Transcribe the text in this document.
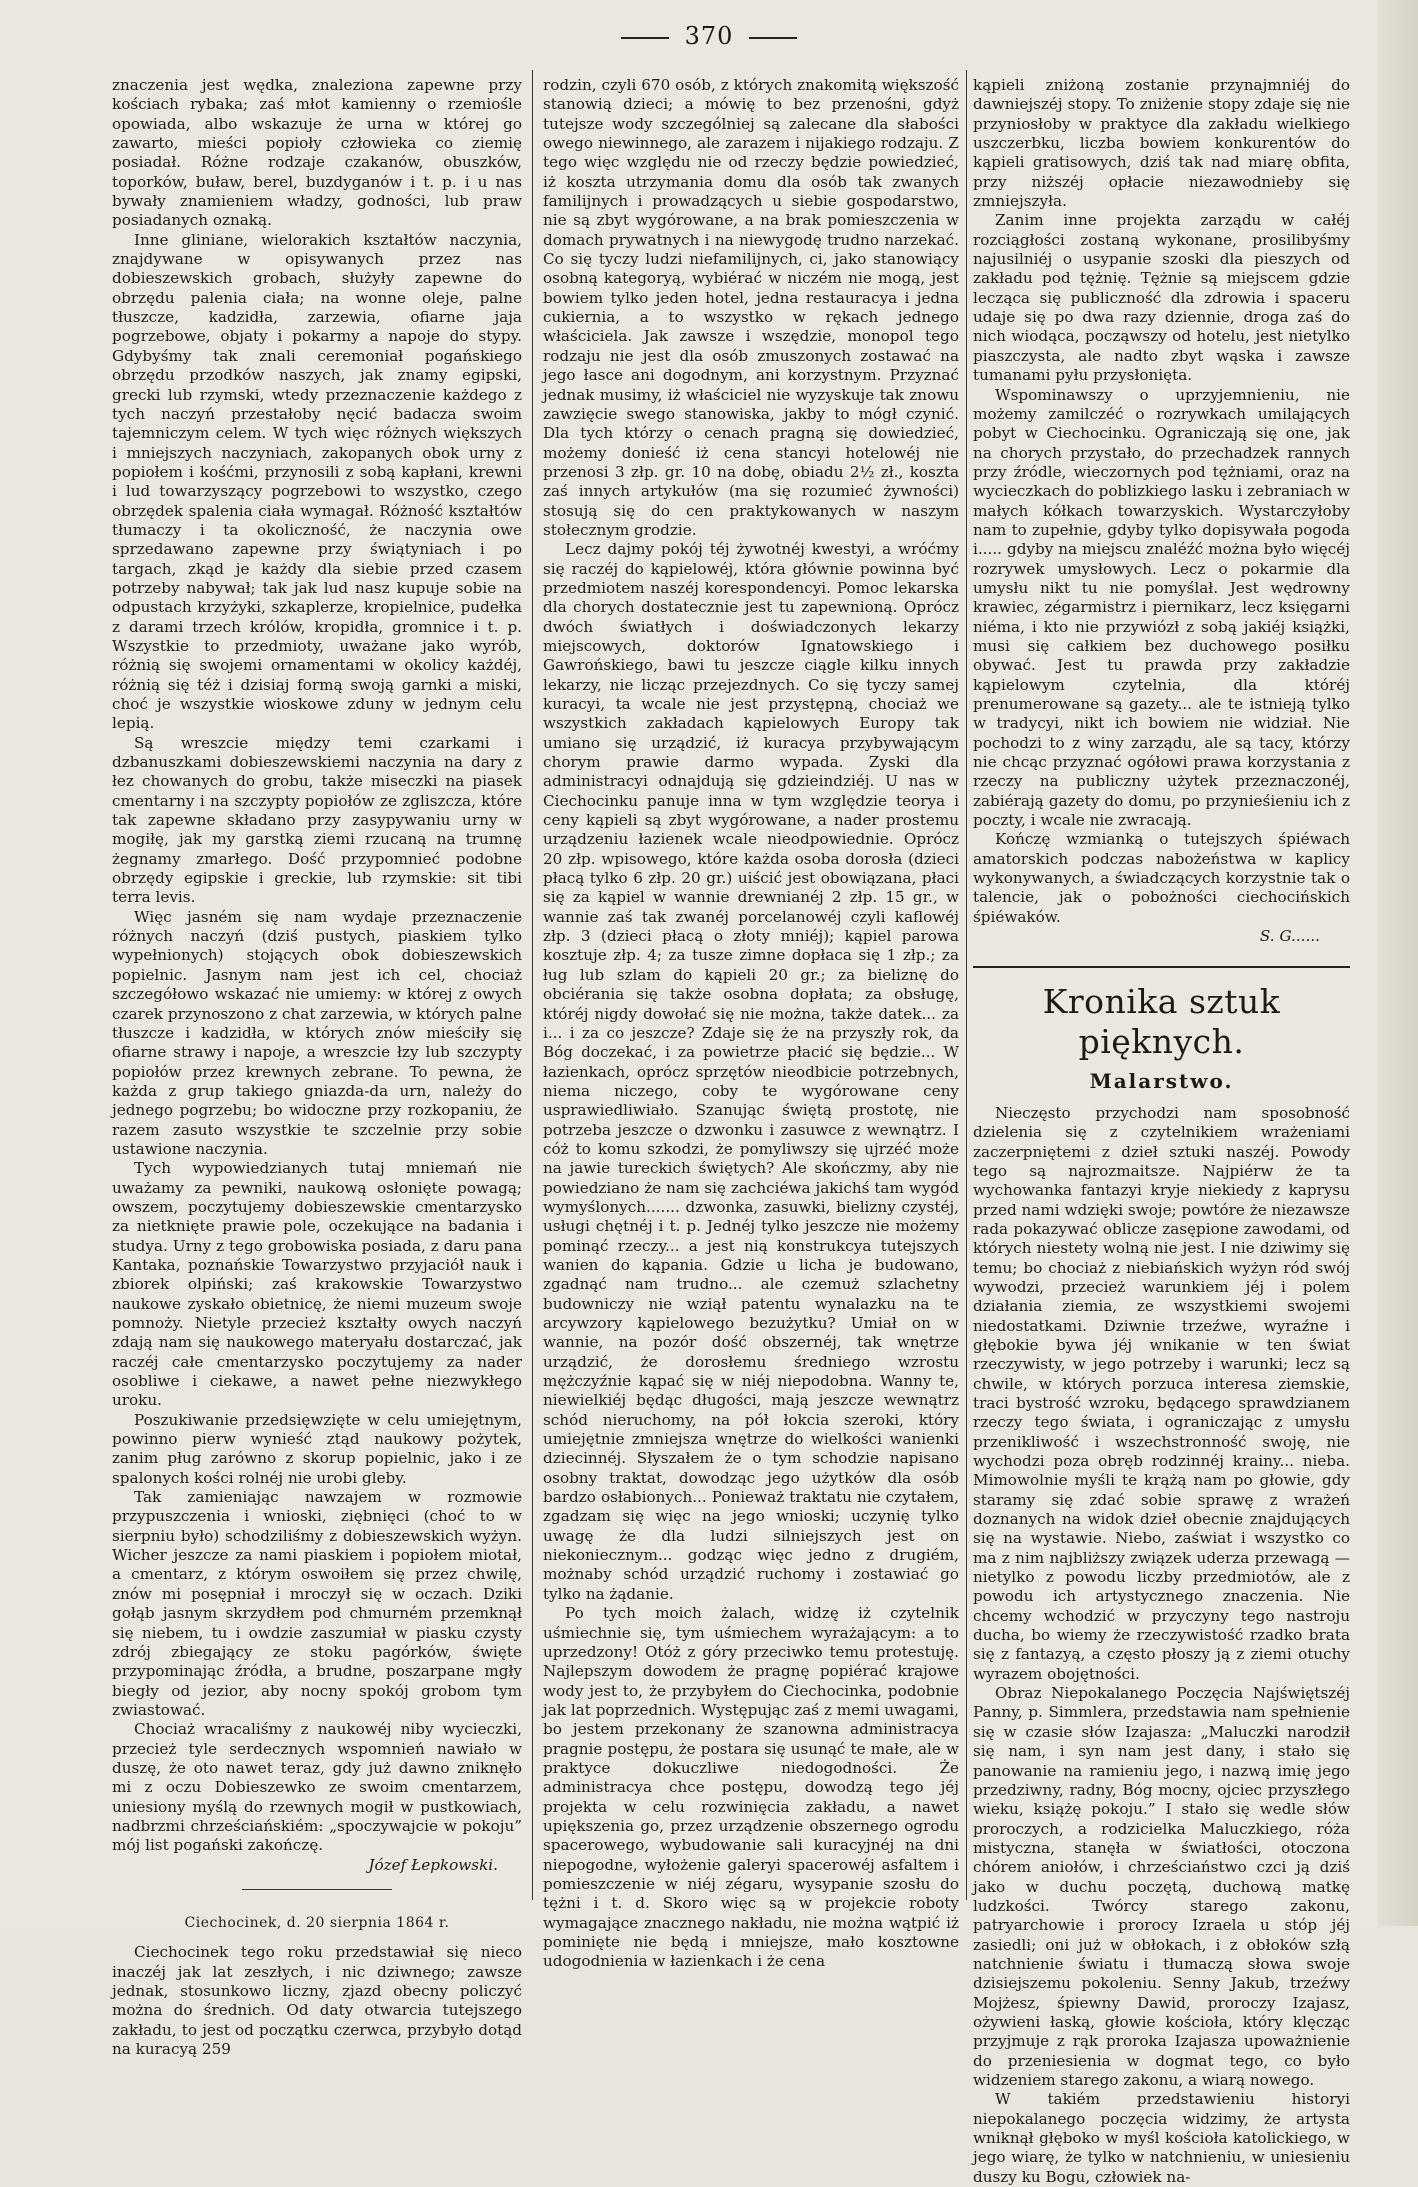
370

znaczenia jest wędka, znaleziona zapewne przy kościach rybaka; zaś młot kamienny o rzemiośle opowiada, albo wskazuje że urna w której go zawarto, mieści popioły człowieka co ziemię posiadał. Różne rodzaje czakanów, obuszków, toporków, buław, berel, buzdyganów i t. p. i u nas bywały znamieniem władzy, godności, lub praw posiadanych oznaką.

Inne gliniane, wielorakich kształtów naczynia, znajdywane w opisywanych przez nas dobieszewskich grobach, służyły zapewne do obrzędu palenia ciała; na wonne oleje, palne tłuszcze, kadzidła, zarzewia, ofiarne jaja pogrzebowe, objaty i pokarmy a napoje do stypy. Gdybyśmy tak znali ceremoniał pogańskiego obrzędu przodków naszych, jak znamy egipski, grecki lub rzymski, wtedy przeznaczenie każdego z tych naczyń przestałoby nęcić badacza swoim tajemniczym celem. W tych więc różnych większych i mniejszych naczyniach, zakopanych obok urny z popiołem i kośćmi, przynosili z sobą kapłani, krewni i lud towarzyszący pogrzebowi to wszystko, czego obrzędek spalenia ciała wymagał. Różność kształtów tłumaczy i ta okoliczność, że naczynia owe sprzedawano zapewne przy świątyniach i po targach, zkąd je każdy dla siebie przed czasem potrzeby nabywał; tak jak lud nasz kupuje sobie na odpustach krzyżyki, szkaplerze, kropielnice, pudełka z darami trzech królów, kropidła, gromnice i t. p. Wszystkie to przedmioty, uważane jako wyrób, różnią się swojemi ornamentami w okolicy każdéj, różnią się téż i dzisiaj formą swoją garnki a miski, choć je wszystkie wioskowe zduny w jednym celu lepią.

Są wreszcie między temi czarkami i dzbanuszkami dobieszewskiemi naczynia na dary z łez chowanych do grobu, także miseczki na piasek cmentarny i na szczypty popiołów ze zgliszcza, które tak zapewne składano przy zasypywaniu urny w mogiłę, jak my garstką ziemi rzucaną na trumnę żegnamy zmarłego. Dość przypomnieć podobne obrzędy egipskie i greckie, lub rzymskie: sit tibi terra levis.

Więc jasném się nam wydaje przeznaczenie różnych naczyń (dziś pustych, piaskiem tylko wypełnionych) stojących obok dobieszewskich popielnic. Jasnym nam jest ich cel, chociaż szczegółowo wskazać nie umiemy: w której z owych czarek przynoszono z chat zarzewia, w których palne tłuszcze i kadzidła, w których znów mieściły się ofiarne strawy i napoje, a wreszcie łzy lub szczypty popiołów przez krewnych zebrane. To pewna, że każda z grup takiego gniazda-da urn, należy do jednego pogrzebu; bo widoczne przy rozkopaniu, że razem zasuto wszystkie te szczelnie przy sobie ustawione naczynia.

Tych wypowiedzianych tutaj mniemań nie uważamy za pewniki, naukową osłonięte powagą; owszem, poczytujemy dobieszewskie cmentarzysko za nietknięte prawie pole, oczekujące na badania i studya. Urny z tego grobowiska posiada, z daru pana Kantaka, poznańskie Towarzystwo przyjaciół nauk i zbiorek olpiński; zaś krakowskie Towarzystwo naukowe zyskało obietnicę, że niemi muzeum swoje pomnoży. Nietyle przecież kształty owych naczyń zdają nam się naukowego materyału dostarczać, jak raczéj całe cmentarzysko poczytujemy za nader osobliwe i ciekawe, a nawet pełne niezwykłego uroku.

Poszukiwanie przedsięwzięte w celu umiejętnym, powinno pierw wynieść ztąd naukowy pożytek, zanim pług zarówno z skorup popielnic, jako i ze spalonych kości rolnéj nie urobi gleby.

Tak zamieniając nawzajem w rozmowie przypuszczenia i wnioski, ziębnięci (choć to w sierpniu było) schodziliśmy z dobieszewskich wyżyn. Wicher jeszcze za nami piaskiem i popiołem miotał, a cmentarz, z którym oswoiłem się przez chwilę, znów mi posępniał i mroczył się w oczach. Dziki gołąb jasnym skrzydłem pod chmurném przemknął się niebem, tu i owdzie zaszumiał w piasku czysty zdrój zbiegający ze stoku pagórków, święte przypominając źródła, a brudne, poszarpane mgły biegły od jezior, aby nocny spokój grobom tym zwiastować.

Chociaż wracaliśmy z naukowéj niby wycieczki, przecież tyle serdecznych wspomnień nawiało w duszę, że oto nawet teraz, gdy już dawno zniknęło mi z oczu Dobieszewko ze swoim cmentarzem, uniesiony myślą do rzewnych mogił w pustkowiach, nadbrzmi chrześciańskiém: „spoczywajcie w pokoju” mój list pogański zakończę.

Józef Łepkowski.

Ciechocinek, d. 20 sierpnia 1864 r.

Ciechocinek tego roku przedstawiał się nieco inaczéj jak lat zeszłych, i nic dziwnego; zawsze jednak, stosunkowo liczny, zjazd obecny policzyć można do średnich. Od daty otwarcia tutejszego zakładu, to jest od początku czerwca, przybyło dotąd na kuracyą 259

rodzin, czyli 670 osób, z których znakomitą większość stanowią dzieci; a mówię to bez przenośni, gdyż tutejsze wody szczególniej są zalecane dla słabości owego niewinnego, ale zarazem i nijakiego rodzaju. Z tego więc względu nie od rzeczy będzie powiedzieć, iż koszta utrzymania domu dla osób tak zwanych familijnych i prowadzących u siebie gospodarstwo, nie są zbyt wygórowane, a na brak pomieszczenia w domach prywatnych i na niewygodę trudno narzekać. Co się tyczy ludzi niefamilijnych, ci, jako stanowiący osobną kategoryą, wybiérać w niczém nie mogą, jest bowiem tylko jeden hotel, jedna restauracya i jedna cukiernia, a to wszystko w rękach jednego właściciela. Jak zawsze i wszędzie, monopol tego rodzaju nie jest dla osób zmuszonych zostawać na jego łasce ani dogodnym, ani korzystnym. Przyznać jednak musimy, iż właściciel nie wyzyskuje tak znowu zawzięcie swego stanowiska, jakby to mógł czynić. Dla tych którzy o cenach pragną się dowiedzieć, możemy donieść iż cena stancyi hotelowéj nie przenosi 3 złp. gr. 10 na dobę, obiadu 2½ zł., koszta zaś innych artykułów (ma się rozumieć żywności) stosują się do cen praktykowanych w naszym stołecznym grodzie.

Lecz dajmy pokój téj żywotnéj kwestyi, a wróćmy się raczéj do kąpielowéj, która głównie powinna być przedmiotem naszéj korespondencyi. Pomoc lekarska dla chorych dostatecznie jest tu zapewnioną. Oprócz dwóch światłych i doświadczonych lekarzy miejscowych, doktorów Ignatowskiego i Gawrońskiego, bawi tu jeszcze ciągle kilku innych lekarzy, nie licząc przejezdnych. Co się tyczy samej kuracyi, ta wcale nie jest przystępną, chociaż we wszystkich zakładach kąpielowych Europy tak umiano się urządzić, iż kuracya przybywającym chorym prawie darmo wypada. Zyski dla administracyi odnajdują się gdzieindziéj. U nas w Ciechocinku panuje inna w tym względzie teorya i ceny kąpieli są zbyt wygórowane, a nader prostemu urządzeniu łazienek wcale nieodpowiednie. Oprócz 20 złp. wpisowego, które każda osoba dorosła (dzieci płacą tylko 6 złp. 20 gr.) uiścić jest obowiązana, płaci się za kąpiel w wannie drewnianéj 2 złp. 15 gr., w wannie zaś tak zwanéj porcelanowéj czyli kaflowéj złp. 3 (dzieci płacą o złoty mniéj); kąpiel parowa kosztuje złp. 4; za tusze zimne dopłaca się 1 złp.; za ług lub szlam do kąpieli 20 gr.; za bieliznę do obciérania się także osobna dopłata; za obsługę, któréj nigdy dowołać się nie można, także datek... za i... i za co jeszcze? Zdaje się że na przyszły rok, da Bóg doczekać, i za powietrze płacić się będzie... W łazienkach, oprócz sprzętów nieodbicie potrzebnych, niema niczego, coby te wygórowane ceny usprawiedliwiało. Szanując świętą prostotę, nie potrzeba jeszcze o dzwonku i zasuwce z wewnątrz. I cóż to komu szkodzi, że pomyliwszy się ujrzéć może na jawie tureckich świętych? Ale skończmy, aby nie powiedziano że nam się zachciéwa jakichś tam wygód wymyślonych....... dzwonka, zasuwki, bielizny czystéj, usługi chętnéj i t. p. Jednéj tylko jeszcze nie możemy pominąć rzeczy... a jest nią konstrukcya tutejszych wanien do kąpania. Gdzie u licha je budowano, zgadnąć nam trudno... ale czemuż szlachetny budowniczy nie wziął patentu wynalazku na te arcywzory kąpielowego bezużytku? Umiał on w wannie, na pozór dość obszernéj, tak wnętrze urządzić, że dorosłemu średniego wzrostu mężczyźnie kąpać się w niéj niepodobna. Wanny te, niewielkiéj będąc długości, mają jeszcze wewnątrz schód nieruchomy, na pół łokcia szeroki, który umiejętnie zmniejsza wnętrze do wielkości wanienki dziecinnéj. Słyszałem że o tym schodzie napisano osobny traktat, dowodząc jego użytków dla osób bardzo osłabionych... Ponieważ traktatu nie czytałem, zgadzam się więc na jego wnioski; uczynię tylko uwagę że dla ludzi silniejszych jest on niekoniecznym... godząc więc jedno z drugiém, możnaby schód urządzić ruchomy i zostawiać go tylko na żądanie.

Po tych moich żalach, widzę iż czytelnik uśmiechnie się, tym uśmiechem wyrażającym: a to uprzedzony! Otóż z góry przeciwko temu protestuję. Najlepszym dowodem że pragnę popiérać krajowe wody jest to, że przybyłem do Ciechocinka, podobnie jak lat poprzednich. Występując zaś z memi uwagami, bo jestem przekonany że szanowna administracya pragnie postępu, że postara się usunąć te małe, ale w praktyce dokuczliwe niedogodności. Że administracya chce postępu, dowodzą tego jéj projekta w celu rozwinięcia zakładu, a nawet upiększenia go, przez urządzenie obszernego ogrodu spacerowego, wybudowanie sali kuracyjnéj na dni niepogodne, wyłożenie galeryi spacerowéj asfaltem i pomieszczenie w niéj zégaru, wysypanie szosłu do tężni i t. d. Skoro więc są w projekcie roboty wymagające znacznego nakładu, nie można wątpić iż pominięte nie będą i mniejsze, mało kosztowne udogodnienia w łazienkach i że cena

kąpieli zniżoną zostanie przynajmniéj do dawniejszéj stopy. To zniżenie stopy zdaje się nie przyniosłoby w praktyce dla zakładu wielkiego uszczerbku, liczba bowiem konkurentów do kąpieli gratisowych, dziś tak nad miarę obfita, przy niższéj opłacie niezawodnieby się zmniejszyła.

Zanim inne projekta zarządu w całéj rozciągłości zostaną wykonane, prosilibyśmy najusilniéj o usypanie szoski dla pieszych od zakładu pod tężnię. Tężnie są miejscem gdzie lecząca się publiczność dla zdrowia i spaceru udaje się po dwa razy dziennie, droga zaś do nich wiodąca, począwszy od hotelu, jest nietylko piaszczysta, ale nadto zbyt wąska i zawsze tumanami pyłu przysłonięta.

Wspominawszy o uprzyjemnieniu, nie możemy zamilczéć o rozrywkach umilających pobyt w Ciechocinku. Ograniczają się one, jak na chorych przystało, do przechadzek rannych przy źródle, wieczornych pod tężniami, oraz na wycieczkach do poblizkiego lasku i zebraniach w małych kółkach towarzyskich. Wystarczyłoby nam to zupełnie, gdyby tylko dopisywała pogoda i..... gdyby na miejscu znaléźć można było więcéj rozrywek umysłowych. Lecz o pokarmie dla umysłu nikt tu nie pomyślał. Jest wędrowny krawiec, zégarmistrz i piernikarz, lecz księgarni niéma, i kto nie przywiózł z sobą jakiéj książki, musi się całkiem bez duchowego posiłku obywać. Jest tu prawda przy zakładzie kąpielowym czytelnia, dla któréj prenumerowane są gazety... ale te istnieją tylko w tradycyi, nikt ich bowiem nie widział. Nie pochodzi to z winy zarządu, ale są tacy, którzy nie chcąc przyznać ogółowi prawa korzystania z rzeczy na publiczny użytek przeznaczonéj, zabiérają gazety do domu, po przynieśieniu ich z poczty, i wcale nie zwracają.

Kończę wzmianką o tutejszych śpiéwach amatorskich podczas nabożeństwa w kaplicy wykonywanych, a świadczących korzystnie tak o talencie, jak o pobożności ciechocińskich śpiéwaków.

S. G......

Kronika sztuk pięknych.
Malarstwo.

Nieczęsto przychodzi nam sposobność dzielenia się z czytelnikiem wrażeniami zaczerpniętemi z dzieł sztuki naszéj. Powody tego są najrozmaitsze. Najpiérw że ta wychowanka fantazyi kryje niekiedy z kaprysu przed nami wdzięki swoje; powtóre że niezawsze rada pokazywać oblicze zasępione zawodami, od których niestety wolną nie jest. I nie dziwimy się temu; bo chociaż z niebiańskich wyżyn ród swój wywodzi, przecież warunkiem jéj i polem działania ziemia, ze wszystkiemi swojemi niedostatkami. Dziwnie trzeźwe, wyraźne i głębokie bywa jéj wnikanie w ten świat rzeczywisty, w jego potrzeby i warunki; lecz są chwile, w których porzuca interesa ziemskie, traci bystrość wzroku, będącego sprawdzianem rzeczy tego świata, i ograniczając z umysłu przenikliwość i wszechstronność swoję, nie wychodzi poza obręb rodzinnéj krainy... nieba. Mimowolnie myśli te krążą nam po głowie, gdy staramy się zdać sobie sprawę z wrażeń doznanych na widok dzieł obecnie znajdujących się na wystawie. Niebo, zaświat i wszystko co ma z nim najbliższy związek uderza przewagą — nietylko z powodu liczby przedmiotów, ale z powodu ich artystycznego znaczenia. Nie chcemy wchodzić w przyczyny tego nastroju ducha, bo wiemy że rzeczywistość rzadko brata się z fantazyą, a często płoszy ją z ziemi otuchy wyrazem obojętności.

Obraz Niepokalanego Poczęcia Najświętszéj Panny, p. Simmlera, przedstawia nam spełnienie się w czasie słów Izajasza: „Maluczki narodził się nam, i syn nam jest dany, i stało się panowanie na ramieniu jego, i nazwą imię jego przedziwny, radny, Bóg mocny, ojciec przyszłego wieku, książę pokoju.” I stało się wedle słów proroczych, a rodzicielka Maluczkiego, róża mistyczna, stanęła w światłości, otoczona chórem aniołów, i chrześciaństwo czci ją dziś jako w duchu poczętą, duchową matkę ludzkości. Twórcy starego zakonu, patryarchowie i prorocy Izraela u stóp jéj zasiedli; oni już w obłokach, i z obłoków szłą natchnienie światu i tłumaczą słowa swoje dzisiejszemu pokoleniu. Senny Jakub, trzeźwy Mojżesz, śpiewny Dawid, proroczy Izajasz, ożywieni łaską, głowie kościoła, który klęcząc przyjmuje z rąk proroka Izajasza upoważnienie do przeniesienia w dogmat tego, co było widzeniem starego zakonu, a wiarą nowego.

W takiém przedstawieniu historyi niepokalanego poczęcia widzimy, że artysta wniknął głęboko w myśl kościoła katolickiego, w jego wiarę, że tylko w natchnieniu, w uniesieniu duszy ku Bogu, człowiek na-
